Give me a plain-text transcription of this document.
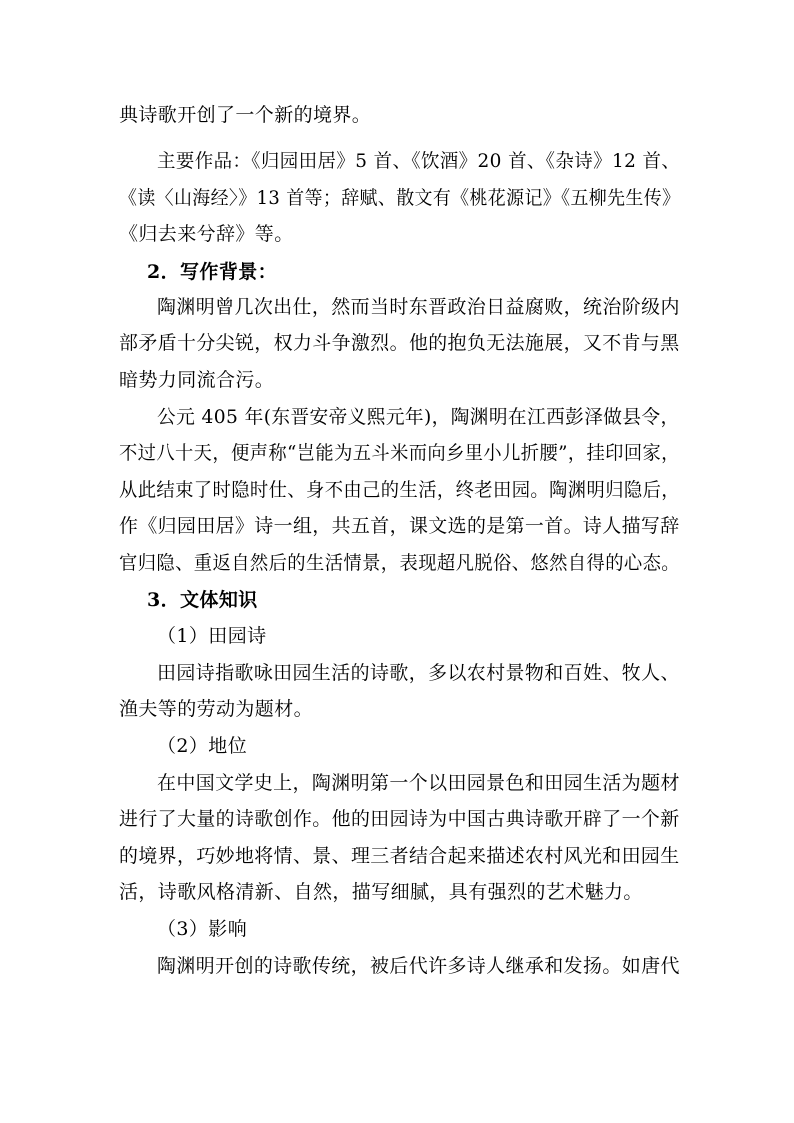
典诗歌开创了一个新的境界。
主要作品：《归园田居》5 首、《饮酒》20 首、《杂诗》12 首、
《读〈山海经〉》13 首等；辞赋、散文有《桃花源记》《五柳先生传》
《归去来兮辞》等。
2．写作背景：
陶渊明曾几次出仕，然而当时东晋政治日益腐败，统治阶级内
部矛盾十分尖锐，权力斗争激烈。他的抱负无法施展，又不肯与黑
暗势力同流合污。
公元 405 年(东晋安帝义熙元年)，陶渊明在江西彭泽做县令，
不过八十天，便声称“岂能为五斗米而向乡里小儿折腰”，挂印回家，
从此结束了时隐时仕、身不由己的生活，终老田园。陶渊明归隐后，
作《归园田居》诗一组，共五首，课文选的是第一首。诗人描写辞
官归隐、重返自然后的生活情景，表现超凡脱俗、悠然自得的心态。
3．文体知识
（1）田园诗
田园诗指歌咏田园生活的诗歌，多以农村景物和百姓、牧人、
渔夫等的劳动为题材。
（2）地位
在中国文学史上，陶渊明第一个以田园景色和田园生活为题材
进行了大量的诗歌创作。他的田园诗为中国古典诗歌开辟了一个新
的境界，巧妙地将情、景、理三者结合起来描述农村风光和田园生
活，诗歌风格清新、自然，描写细腻，具有强烈的艺术魅力。
（3）影响
陶渊明开创的诗歌传统，被后代许多诗人继承和发扬。如唐代
